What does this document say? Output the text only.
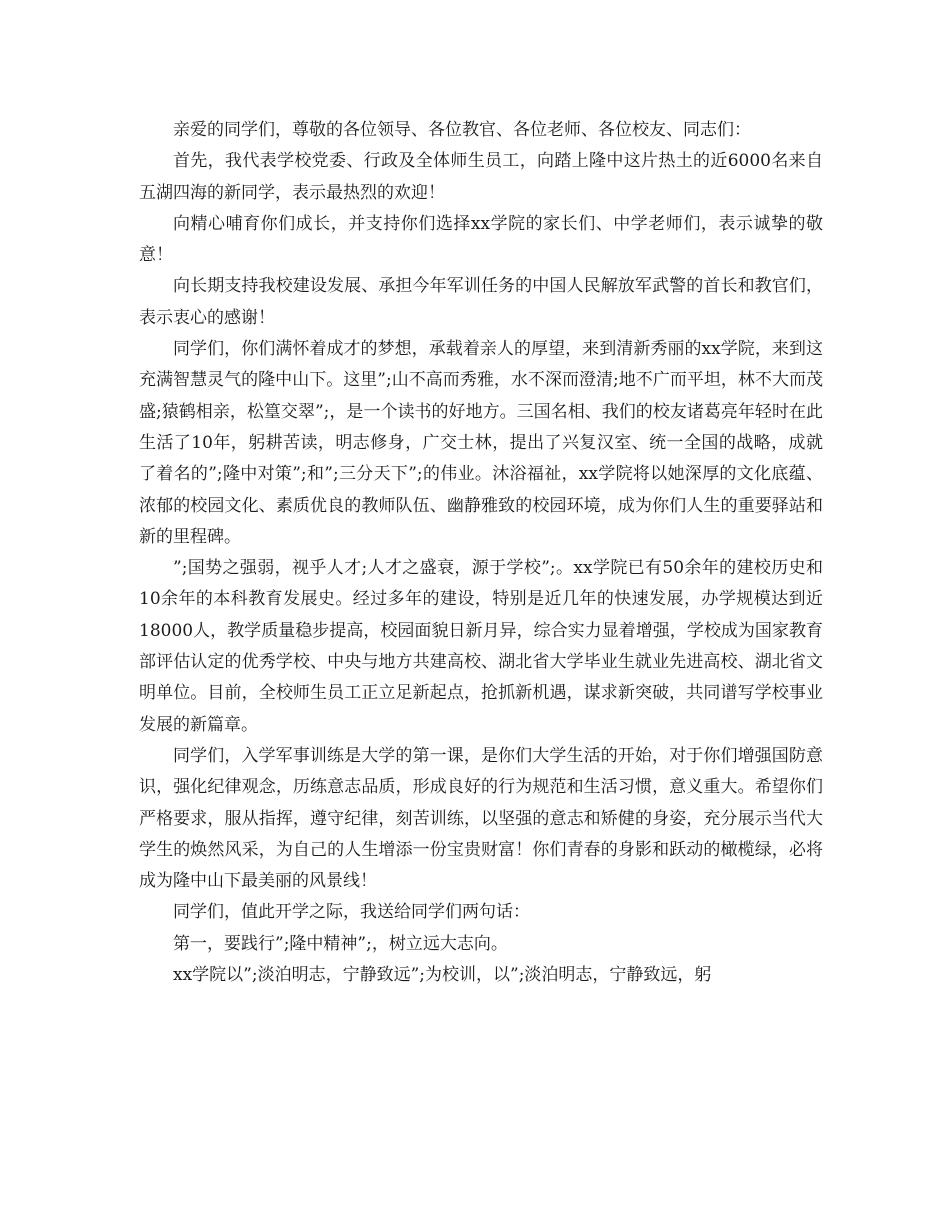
亲爱的同学们，尊敬的各位领导、各位教官、各位老师、各位校友、同志们：

首先，我代表学校党委、行政及全体师生员工，向踏上隆中这片热土的近6000名来自五湖四海的新同学，表示最热烈的欢迎！

向精心哺育你们成长，并支持你们选择xx学院的家长们、中学老师们，表示诚挚的敬意！

向长期支持我校建设发展、承担今年军训任务的中国人民解放军武警的首长和教官们，表示衷心的感谢！

同学们，你们满怀着成才的梦想，承载着亲人的厚望，来到清新秀丽的xx学院，来到这充满智慧灵气的隆中山下。这里”;山不高而秀雅，水不深而澄清;地不广而平坦，林不大而茂盛;猿鹤相亲，松篁交翠”;，是一个读书的好地方。三国名相、我们的校友诸葛亮年轻时在此生活了10年，躬耕苦读，明志修身，广交士林，提出了兴复汉室、统一全国的战略，成就了着名的”;隆中对策”;和”;三分天下”;的伟业。沐浴福祉，xx学院将以她深厚的文化底蕴、浓郁的校园文化、素质优良的教师队伍、幽静雅致的校园环境，成为你们人生的重要驿站和新的里程碑。

”;国势之强弱，视乎人才;人才之盛衰，源于学校”;。xx学院已有50余年的建校历史和10余年的本科教育发展史。经过多年的建设，特别是近几年的快速发展，办学规模达到近18000人，教学质量稳步提高，校园面貌日新月异，综合实力显着增强，学校成为国家教育部评估认定的优秀学校、中央与地方共建高校、湖北省大学毕业生就业先进高校、湖北省文明单位。目前，全校师生员工正立足新起点，抢抓新机遇，谋求新突破，共同谱写学校事业发展的新篇章。

同学们，入学军事训练是大学的第一课，是你们大学生活的开始，对于你们增强国防意识，强化纪律观念，历练意志品质，形成良好的行为规范和生活习惯，意义重大。希望你们严格要求，服从指挥，遵守纪律，刻苦训练，以坚强的意志和矫健的身姿，充分展示当代大学生的焕然风采，为自己的人生增添一份宝贵财富！你们青春的身影和跃动的橄榄绿，必将成为隆中山下最美丽的风景线！

同学们，值此开学之际，我送给同学们两句话：

第一，要践行”;隆中精神”;，树立远大志向。

xx学院以”;淡泊明志，宁静致远”;为校训，以”;淡泊明志，宁静致远，躬
